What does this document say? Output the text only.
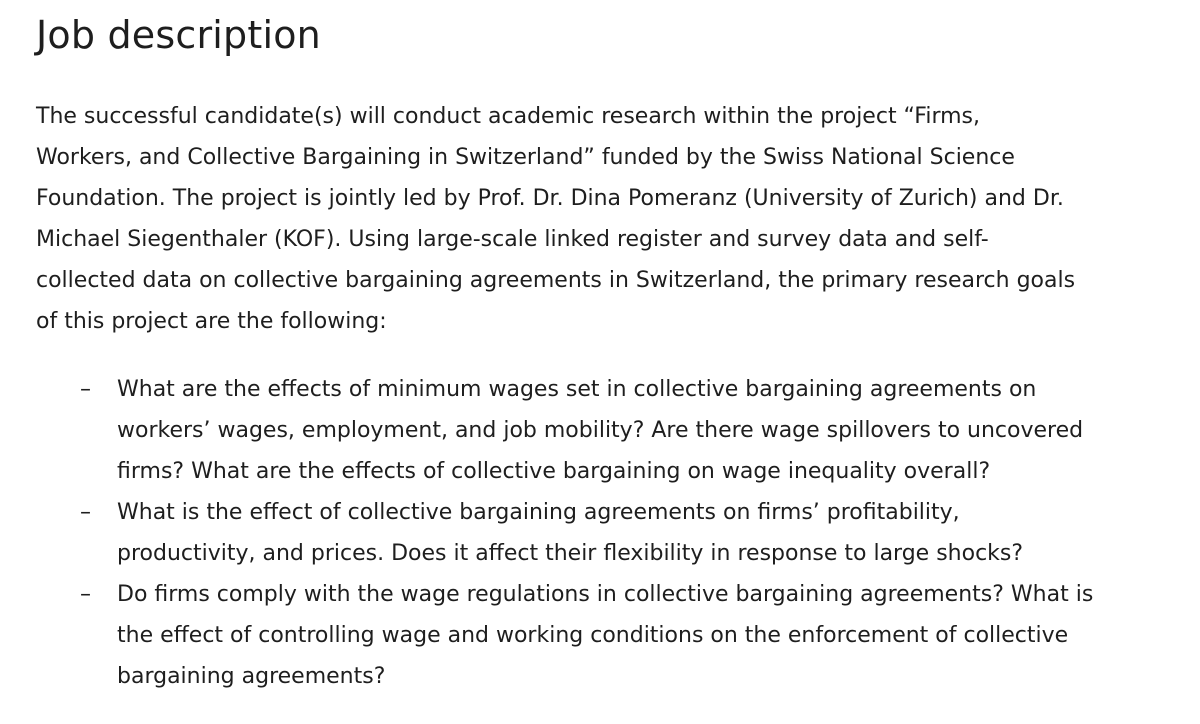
Job description

The successful candidate(s) will conduct academic research within the project “Firms,
Workers, and Collective Bargaining in Switzerland” funded by the Swiss National Science
Foundation. The project is jointly led by Prof. Dr. Dina Pomeranz (University of Zurich) and Dr.
Michael Siegenthaler (KOF). Using large-scale linked register and survey data and self-
collected data on collective bargaining agreements in Switzerland, the primary research goals
of this project are the following:

– What are the effects of minimum wages set in collective bargaining agreements on
workers’ wages, employment, and job mobility? Are there wage spillovers to uncovered
firms? What are the effects of collective bargaining on wage inequality overall?
– What is the effect of collective bargaining agreements on firms’ profitability,
productivity, and prices. Does it affect their flexibility in response to large shocks?
– Do firms comply with the wage regulations in collective bargaining agreements? What is
the effect of controlling wage and working conditions on the enforcement of collective
bargaining agreements?
